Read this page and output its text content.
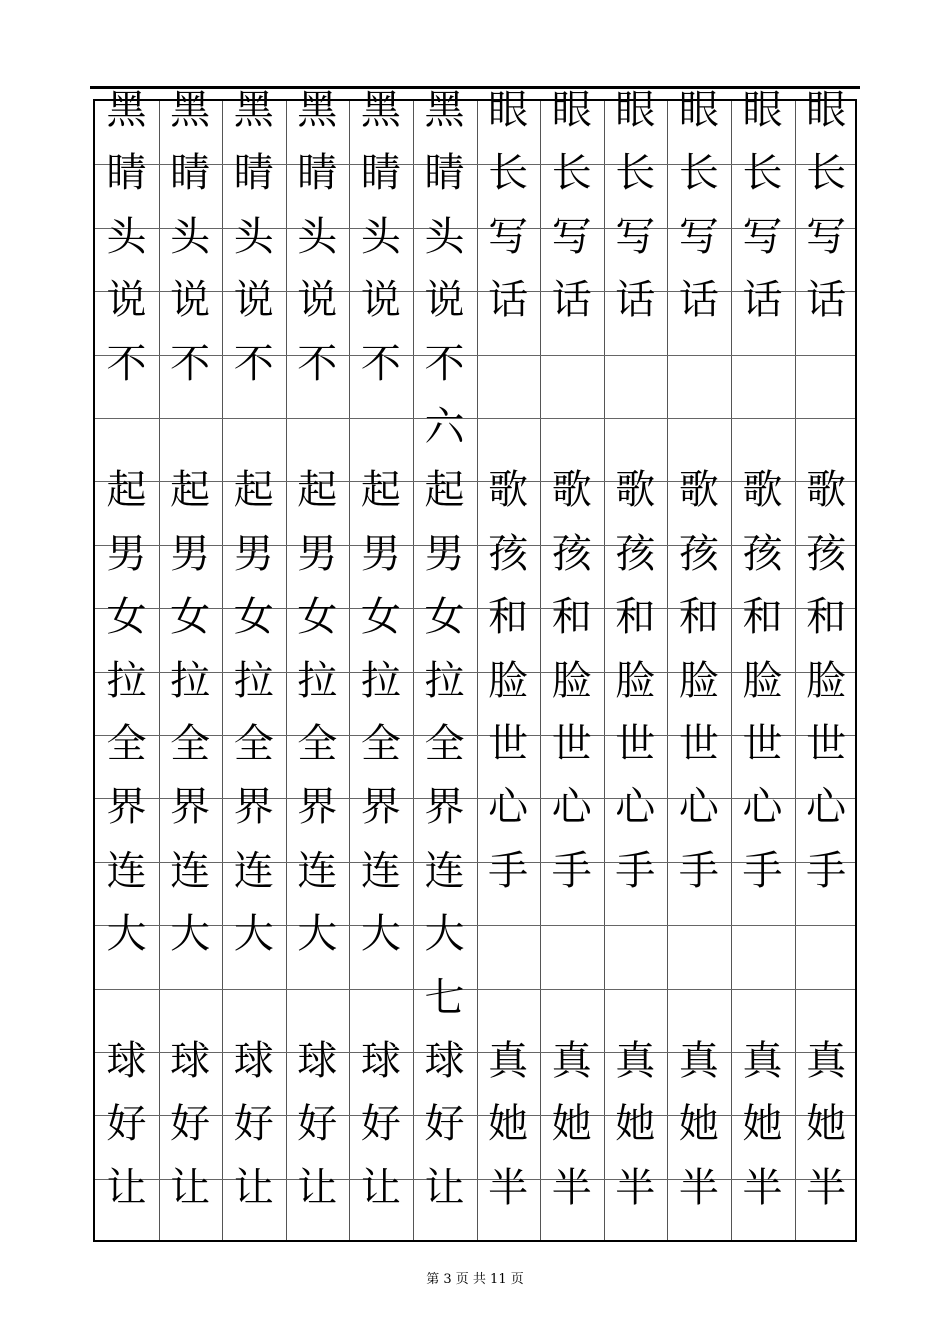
黑 黑 黑 黑 黑 黑 眼 眼 眼 眼 眼 眼
睛 睛 睛 睛 睛 睛 长 长 长 长 长 长
头 头 头 头 头 头 写 写 写 写 写 写
说 说 说 说 说 说 话 话 话 话 话 话
不 不 不 不 不 不
六
起 起 起 起 起 起 歌 歌 歌 歌 歌 歌
男 男 男 男 男 男 孩 孩 孩 孩 孩 孩
女 女 女 女 女 女 和 和 和 和 和 和
拉 拉 拉 拉 拉 拉 脸 脸 脸 脸 脸 脸
全 全 全 全 全 全 世 世 世 世 世 世
界 界 界 界 界 界 心 心 心 心 心 心
连 连 连 连 连 连 手 手 手 手 手 手
大 大 大 大 大 大
七
球 球 球 球 球 球 真 真 真 真 真 真
好 好 好 好 好 好 她 她 她 她 她 她
让 让 让 让 让 让 半 半 半 半 半 半
第 3 页 共 11 页
